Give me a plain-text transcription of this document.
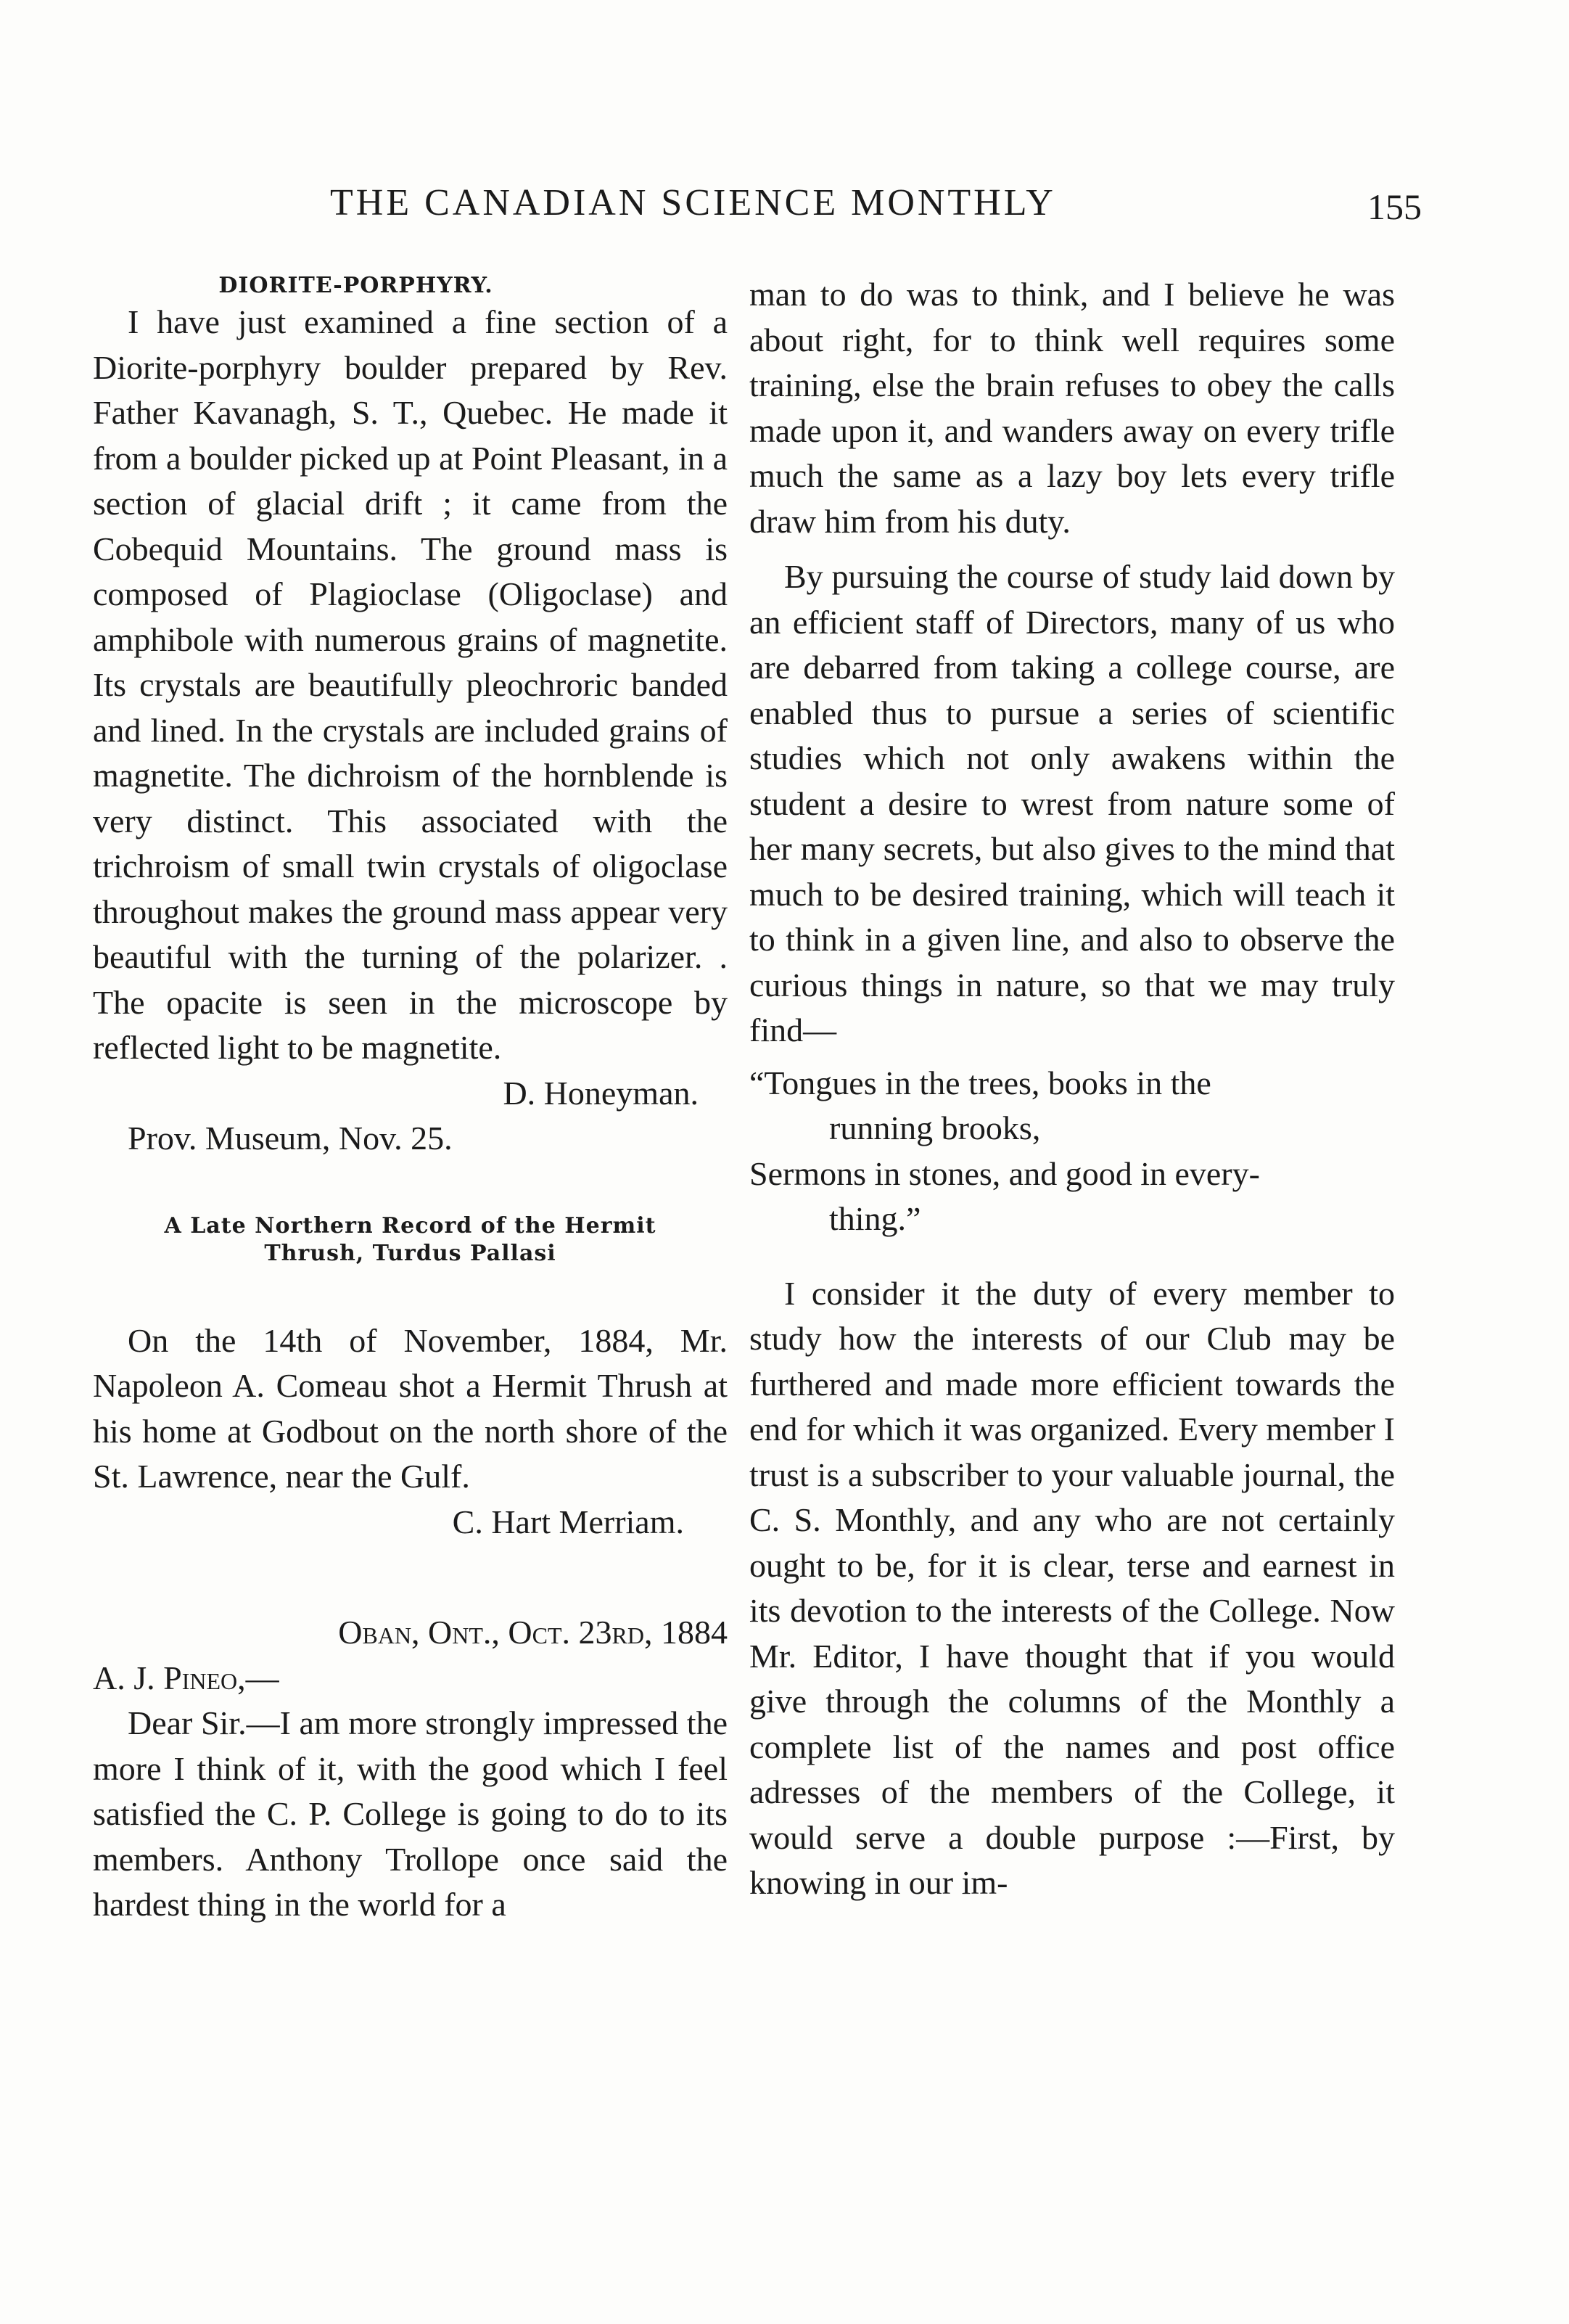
THE CANADIAN SCIENCE MONTHLY	155
DIORITE-PORPHYRY.

I have just examined a fine section of a Diorite-porphyry boulder prepared by Rev. Father Kavanagh, S. T., Quebec. He made it from a boulder picked up at Point Pleasant, in a section of glacial drift ; it came from the Cobequid Mountains. The ground mass is composed of Plagioclase (Oligoclase) and amphibole with numerous grains of magnetite. Its crystals are beautifully pleochroric banded and lined. In the crystals are included grains of magnetite. The dichroism of the hornblende is very distinct. This associated with the trichroism of small twin crystals of oligoclase throughout makes the ground mass appear very beautiful with the turning of the polarizer. . The opacite is seen in the microscope by reflected light to be magnetite.

D. Honeyman.

Prov. Museum, Nov. 25.

A Late Northern Record of the Hermit
Thrush, Turdus Pallasi

On the 14th of November, 1884, Mr. Napoleon A. Comeau shot a Hermit Thrush at his home at Godbout on the north shore of the St. Lawrence, near the Gulf.

C. Hart Merriam.

Oban, Ont., Oct. 23rd, 1884

A. J. Pineo,—

Dear Sir.—I am more strongly impressed the more I think of it, with the good which I feel satisfied the C. P. College is going to do to its members. Anthony Trollope once said the hardest thing in the world for a

man to do was to think, and I believe he was about right, for to think well requires some training, else the brain refuses to obey the calls made upon it, and wanders away on every trifle much the same as a lazy boy lets every trifle draw him from his duty.

By pursuing the course of study laid down by an efficient staff of Directors, many of us who are debarred from taking a college course, are enabled thus to pursue a series of scientific studies which not only awakens within the student a desire to wrest from nature some of her many secrets, but also gives to the mind that much to be desired training, which will teach it to think in a given line, and also to observe the curious things in nature, so that we may truly find—

“Tongues in the trees, books in the

running brooks,

Sermons in stones, and good in every-

thing.”

I consider it the duty of every member to study how the interests of our Club may be furthered and made more efficient towards the end for which it was organized. Every member I trust is a subscriber to your valuable journal, the C. S. Monthly, and any who are not certainly ought to be, for it is clear, terse and earnest in its devotion to the interests of the College. Now Mr. Editor, I have thought that if you would give through the columns of the Monthly a complete list of the names and post office adresses of the members of the College, it would serve a double purpose :—First, by knowing in our im-
